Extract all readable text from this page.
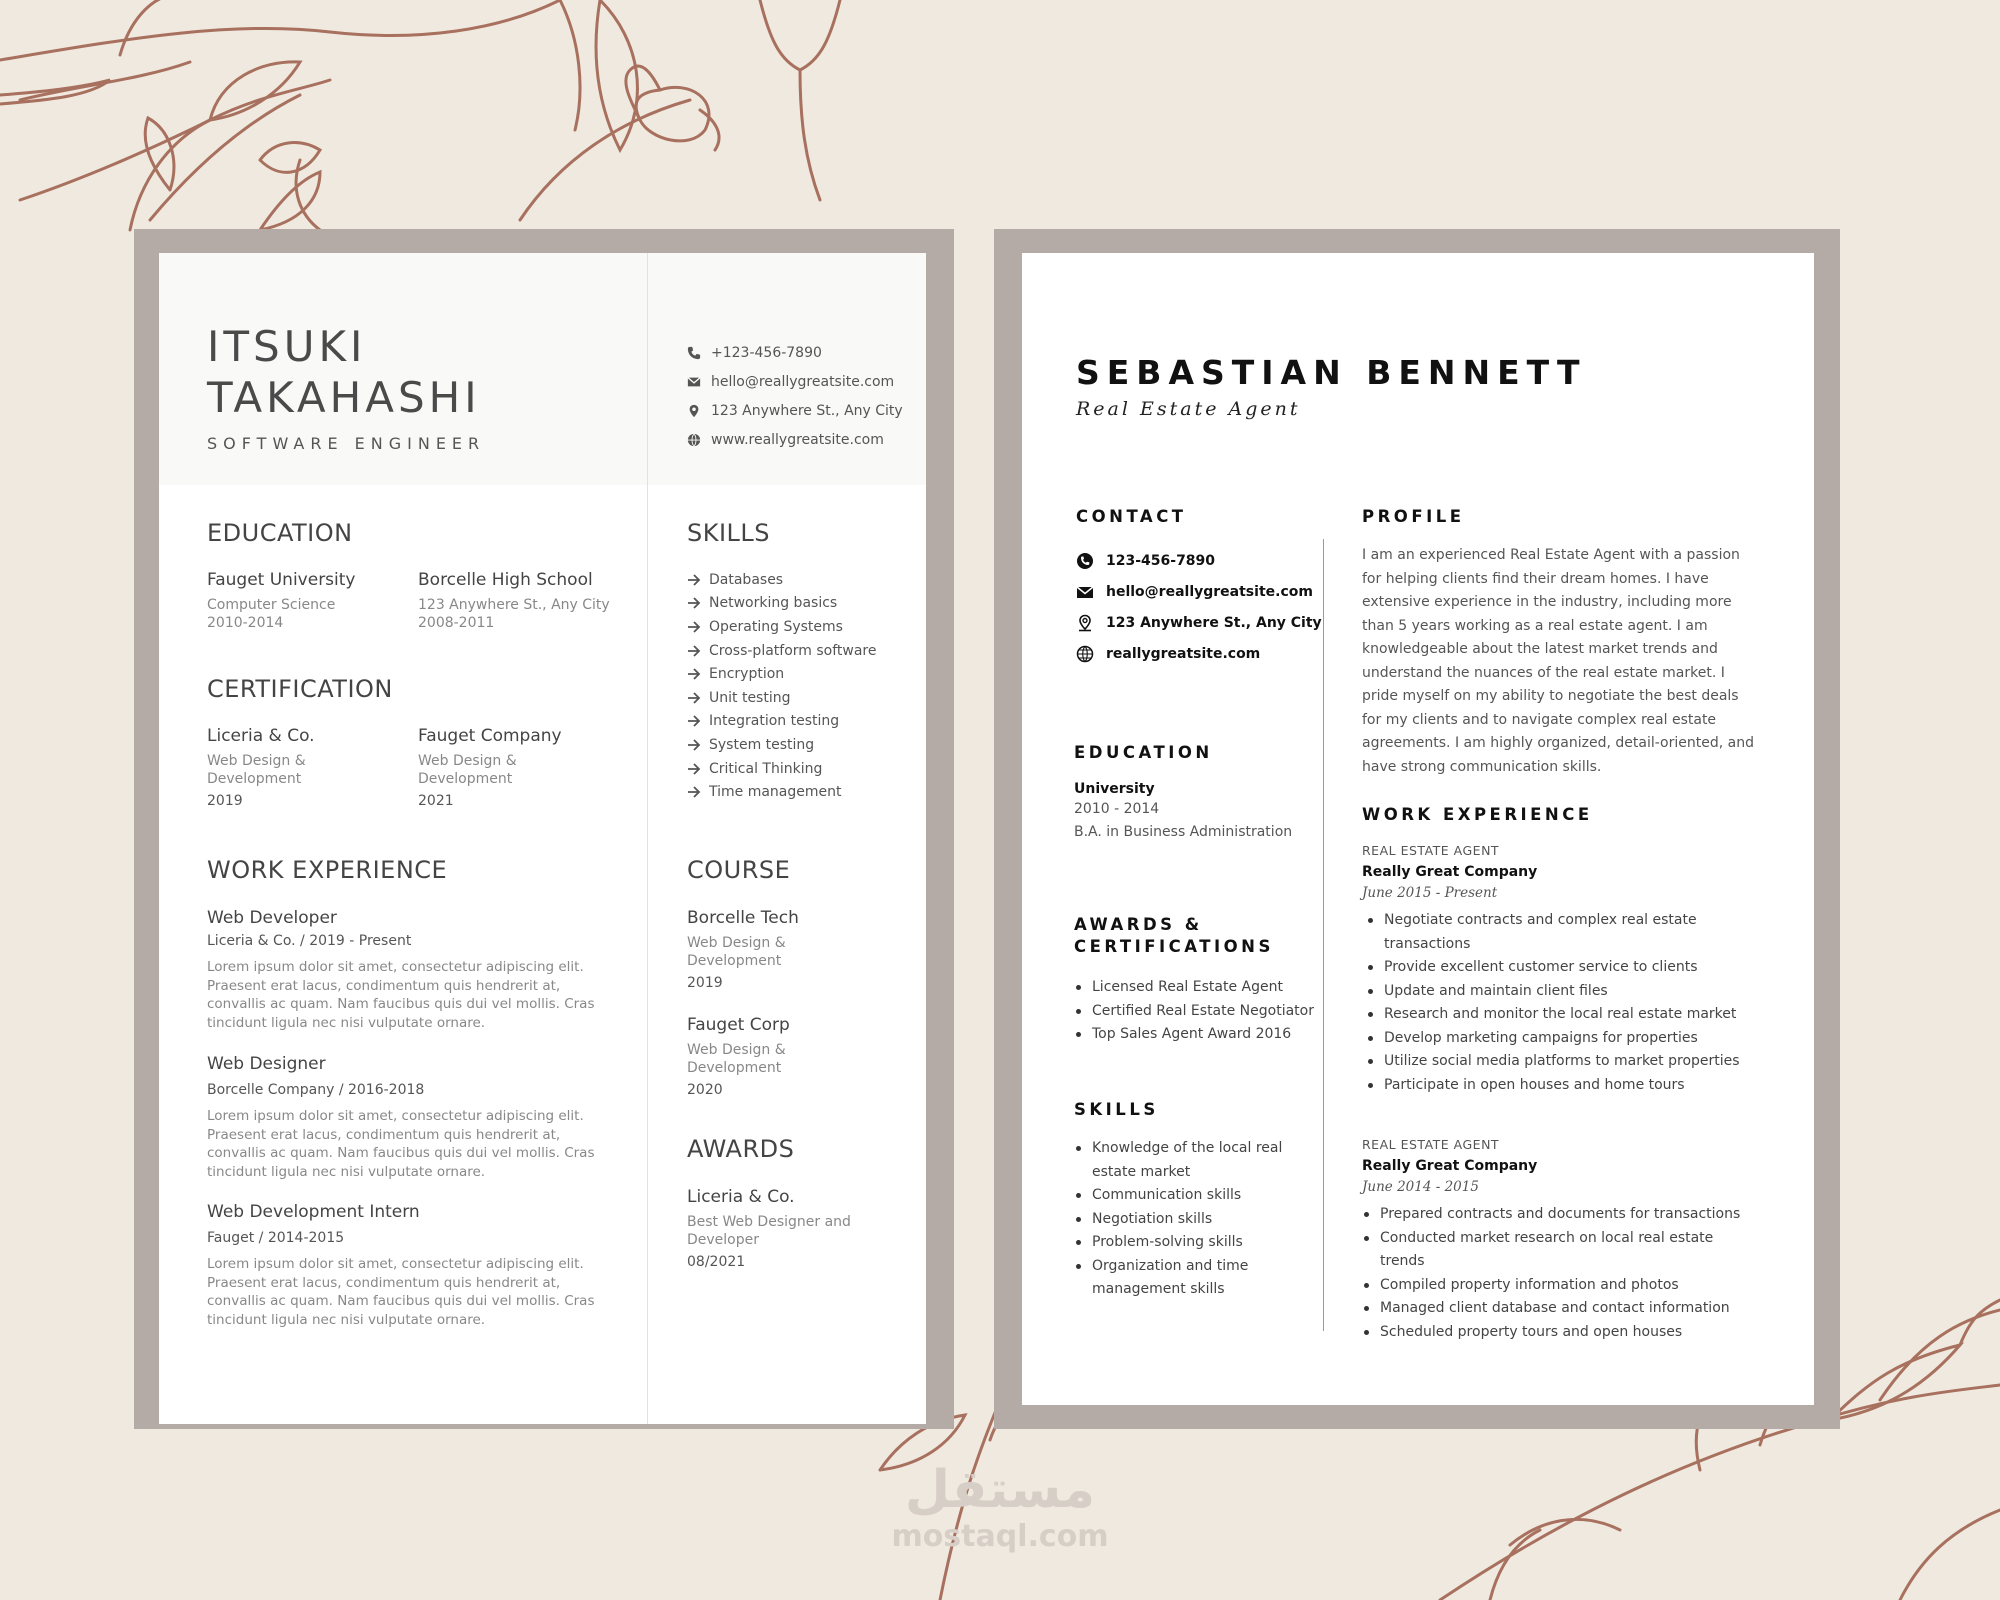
ITSUKI
TAKAHASHI
SOFTWARE ENGINEER
+123-456-7890
hello@reallygreatsite.com
123 Anywhere St., Any City
www.reallygreatsite.com
EDUCATION
Fauget University
Computer Science
2010-2014
Borcelle High School
123 Anywhere St., Any City
2008-2011
CERTIFICATION
Liceria & Co.
Web Design &
Development
2019
Fauget Company
Web Design &
Development
2021
WORK EXPERIENCE
Web Developer
Liceria & Co. / 2019 - Present
Lorem ipsum dolor sit amet, consectetur adipiscing elit. Praesent erat lacus, condimentum quis hendrerit at, convallis ac quam. Nam faucibus quis dui vel mollis. Cras tincidunt ligula nec nisi vulputate ornare.
Web Designer
Borcelle Company / 2016-2018
Lorem ipsum dolor sit amet, consectetur adipiscing elit. Praesent erat lacus, condimentum quis hendrerit at, convallis ac quam. Nam faucibus quis dui vel mollis. Cras tincidunt ligula nec nisi vulputate ornare.
Web Development Intern
Fauget / 2014-2015
Lorem ipsum dolor sit amet, consectetur adipiscing elit. Praesent erat lacus, condimentum quis hendrerit at, convallis ac quam. Nam faucibus quis dui vel mollis. Cras tincidunt ligula nec nisi vulputate ornare.
SKILLS
Databases
Networking basics
Operating Systems
Cross-platform software
Encryption
Unit testing
Integration testing
System testing
Critical Thinking
Time management
COURSE
Borcelle Tech
Web Design &
Development
2019
Fauget Corp
Web Design &
Development
2020
AWARDS
Liceria & Co.
Best Web Designer and
Developer
08/2021
SEBASTIAN BENNETT
Real Estate Agent
CONTACT
123-456-7890
hello@reallygreatsite.com
123 Anywhere St., Any City
reallygreatsite.com
EDUCATION
University
2010 - 2014
B.A. in Business Administration
AWARDS &
CERTIFICATIONS
Licensed Real Estate Agent
Certified Real Estate Negotiator
Top Sales Agent Award 2016
SKILLS
Knowledge of the local real estate market
Communication skills
Negotiation skills
Problem-solving skills
Organization and time management skills
PROFILE
I am an experienced Real Estate Agent with a passion for helping clients find their dream homes. I have extensive experience in the industry, including more than 5 years working as a real estate agent. I am knowledgeable about the latest market trends and understand the nuances of the real estate market. I pride myself on my ability to negotiate the best deals for my clients and to navigate complex real estate agreements. I am highly organized, detail-oriented, and have strong communication skills.
WORK EXPERIENCE
REAL ESTATE AGENT
Really Great Company
June 2015 - Present
Negotiate contracts and complex real estate transactions
Provide excellent customer service to clients
Update and maintain client files
Research and monitor the local real estate market
Develop marketing campaigns for properties
Utilize social media platforms to market properties
Participate in open houses and home tours
REAL ESTATE AGENT
Really Great Company
June 2014 - 2015
Prepared contracts and documents for transactions
Conducted market research on local real estate trends
Compiled property information and photos
Managed client database and contact information
Scheduled property tours and open houses
مستقل
mostaql.com
